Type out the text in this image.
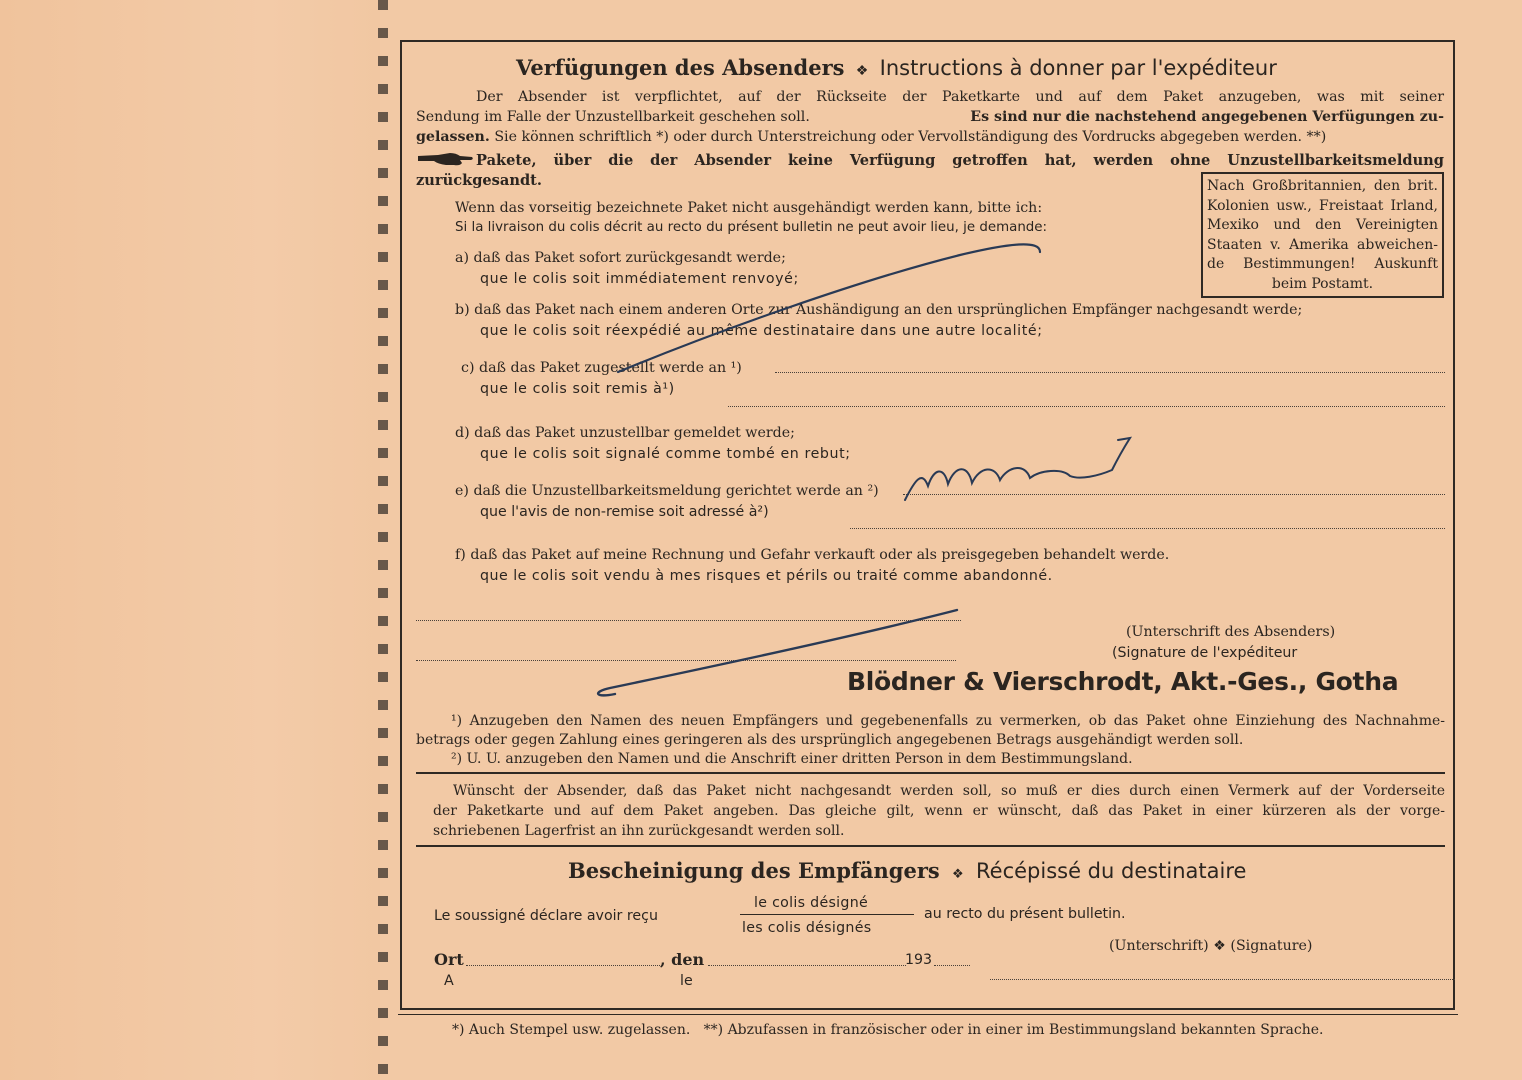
Verfügungen des Absenders ❖ Instructions à donner par l'expéditeur
Der Absender ist verpflichtet, auf der Rückseite der Paketkarte und auf dem Paket anzugeben, was mit seiner
Sendung im Falle der Unzustellbarkeit geschehen soll.	Es sind nur die nachstehend angegebenen Verfügungen zu-
gelassen. Sie können schriftlich *) oder durch Unterstreichung oder Vervollständigung des Vordrucks abgegeben werden. **)
Pakete, über die der Absender keine Verfügung getroffen hat, werden ohne Unzustellbarkeitsmeldung
zurückgesandt.	Nach Großbritannien, den brit.
Kolonien usw., Freistaat Irland,
Mexiko und den Vereinigten
Staaten v. Amerika abweichen-
de Bestimmungen! Auskunft
beim Postamt.
Wenn das vorseitig bezeichnete Paket nicht ausgehändigt werden kann, bitte ich:
Si la livraison du colis décrit au recto du présent bulletin ne peut avoir lieu, je demande:
a) daß das Paket sofort zurückgesandt werde;
que le colis soit immédiatement renvoyé;
b) daß das Paket nach einem anderen Orte zur Aushändigung an den ursprünglichen Empfänger nachgesandt werde;
que le colis soit réexpédié au même destinataire dans une autre localité;
c) daß das Paket zugestellt werde an ¹)
que le colis soit remis à¹)
d) daß das Paket unzustellbar gemeldet werde;
que le colis soit signalé comme tombé en rebut;
e) daß die Unzustellbarkeitsmeldung gerichtet werde an ²)
que l'avis de non-remise soit adressé à²)
f) daß das Paket auf meine Rechnung und Gefahr verkauft oder als preisgegeben behandelt werde.
que le colis soit vendu à mes risques et périls ou traité comme abandonné.
(Unterschrift des Absenders)
(Signature de l'expéditeur
Blödner & Vierschrodt, Akt.-Ges., Gotha
¹) Anzugeben den Namen des neuen Empfängers und gegebenenfalls zu vermerken, ob das Paket ohne Einziehung des Nachnahme-
betrags oder gegen Zahlung eines geringeren als des ursprünglich angegebenen Betrags ausgehändigt werden soll.
²) U. U. anzugeben den Namen und die Anschrift einer dritten Person in dem Bestimmungsland.
Wünscht der Absender, daß das Paket nicht nachgesandt werden soll, so muß er dies durch einen Vermerk auf der Vorderseite
der Paketkarte und auf dem Paket angeben. Das gleiche gilt, wenn er wünscht, daß das Paket in einer kürzeren als der vorge-
schriebenen Lagerfrist an ihn zurückgesandt werden soll.
Bescheinigung des Empfängers ❖ Récépissé du destinataire
Le soussigné déclare avoir reçu
le colis désigné
les colis désignés
au recto du présent bulletin.
(Unterschrift) ❖ (Signature)
Ort	, den	193
A	le
*) Auch Stempel usw. zugelassen.   **) Abzufassen in französischer oder in einer im Bestimmungsland bekannten Sprache.
